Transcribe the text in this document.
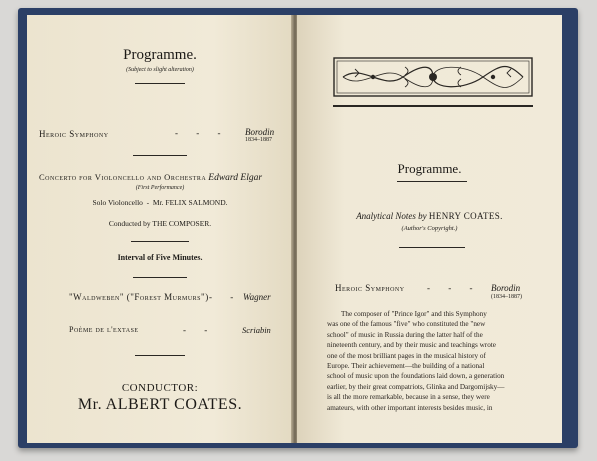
Programme.
(Subject to slight alteration)
Heroic Symphony	- - - Borodin
1834–1887
Concerto for Violoncello and Orchestra Edward Elgar
(First Performance)
Solo Violoncello - Mr. FELIX SALMOND.
Conducted by THE COMPOSER.
Interval of Five Minutes.
"Waldweben" ("Forest Murmurs") - - Wagner
Poème de l'extase	- -	Scriabin
CONDUCTOR:
Mr. ALBERT COATES.
Programme.
Analytical Notes by HENRY COATES.
(Author's Copyright.)
Heroic Symphony - - - Borodin
(1834–1887)
The composer of "Prince Igor" and this Symphony
was one of the famous "five" who constituted the "new
school" of music in Russia during the latter half of the
nineteenth century, and by their music and teachings wrote
one of the most brilliant pages in the musical history of
Europe. Their achievement—the building of a national
school of music upon the foundations laid down, a generation
earlier, by their great compatriots, Glinka and Dargomijsky—
is all the more remarkable, because in a sense, they were
amateurs, with other important interests besides music, in
